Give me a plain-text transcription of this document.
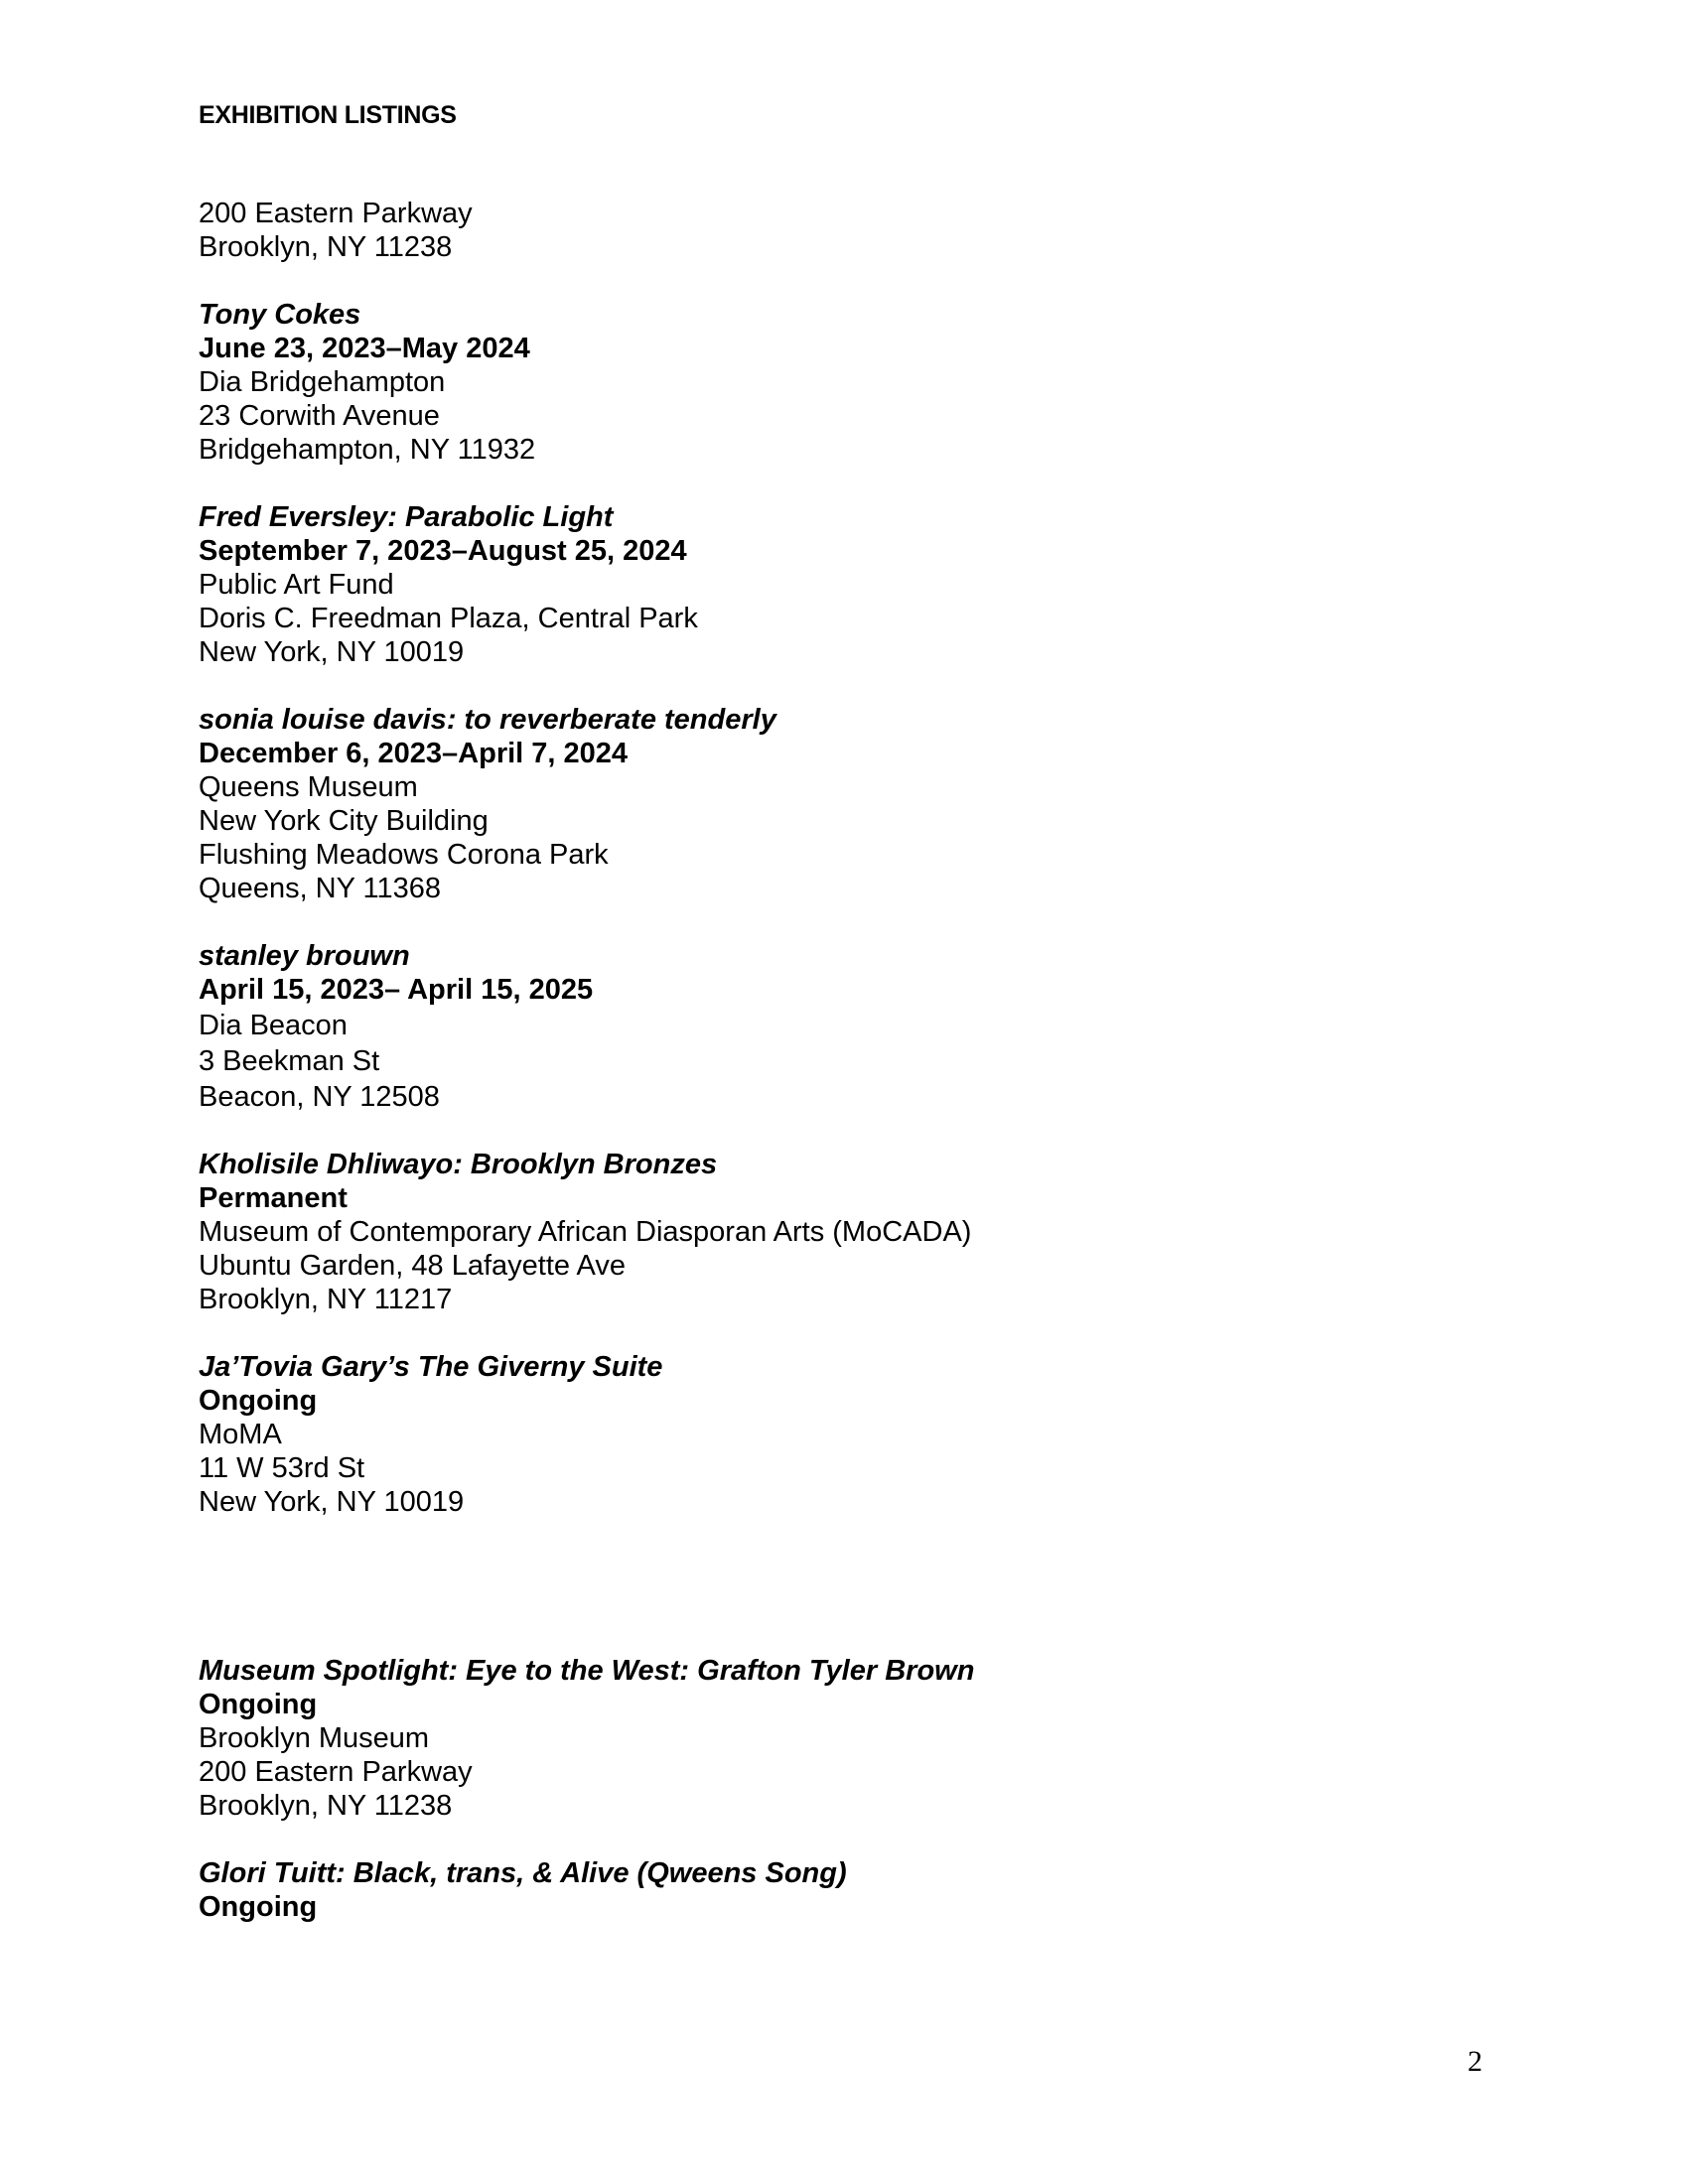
EXHIBITION LISTINGS
200 Eastern Parkway
Brooklyn, NY 11238
Tony Cokes
June 23, 2023–May 2024
Dia Bridgehampton
23 Corwith Avenue
Bridgehampton, NY 11932
Fred Eversley: Parabolic Light
September 7, 2023–August 25, 2024
Public Art Fund
Doris C. Freedman Plaza, Central Park
New York, NY 10019
sonia louise davis: to reverberate tenderly
December 6, 2023–April 7, 2024
Queens Museum
New York City Building
Flushing Meadows Corona Park
Queens, NY 11368
stanley brouwn
April 15, 2023– April 15, 2025
Dia Beacon
3 Beekman St
Beacon, NY 12508
Kholisile Dhliwayo: Brooklyn Bronzes
Permanent
Museum of Contemporary African Diasporan Arts (MoCADA)
Ubuntu Garden, 48 Lafayette Ave
Brooklyn, NY 11217
Ja’Tovia Gary’s The Giverny Suite
Ongoing
MoMA
11 W 53rd St
New York, NY 10019
Museum Spotlight: Eye to the West: Grafton Tyler Brown
Ongoing
Brooklyn Museum
200 Eastern Parkway
Brooklyn, NY 11238
Glori Tuitt: Black, trans, & Alive (Qweens Song)
Ongoing
2
